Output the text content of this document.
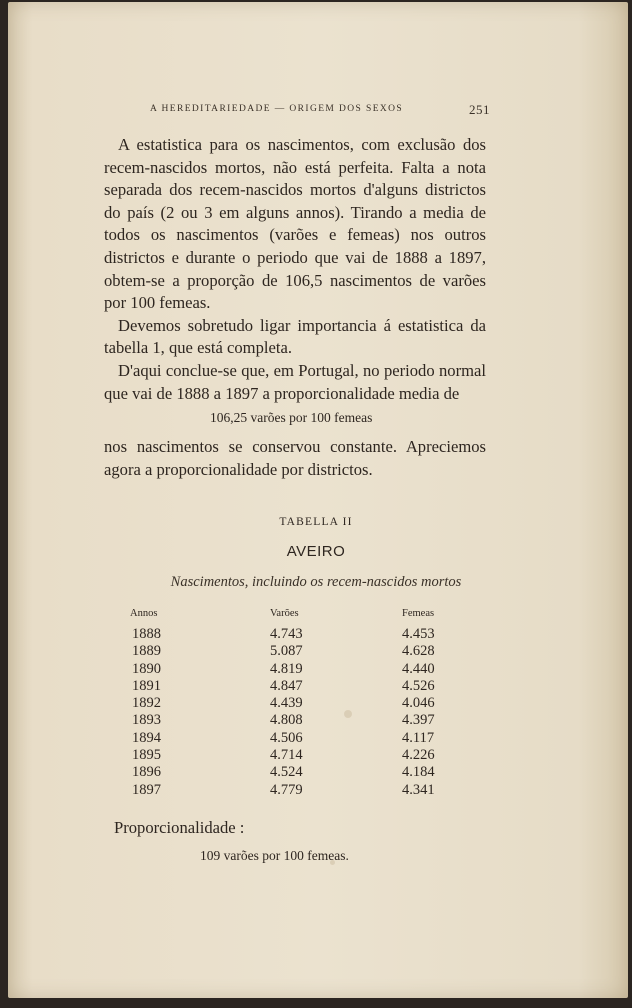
A HEREDITARIEDADE — ORIGEM DOS SEXOS	251

A estatistica para os nascimentos, com exclusão dos recem-nascidos mortos, não está perfeita. Falta a nota separada dos recem-nascidos mortos d'alguns districtos do país (2 ou 3 em alguns annos). Tirando a media de todos os nascimentos (varões e femeas) nos outros districtos e durante o periodo que vai de 1888 a 1897, obtem-se a proporção de 106,5 nascimentos de varões por 100 femeas.

Devemos sobretudo ligar importancia á estatistica da tabella 1, que está completa.

D'aqui conclue-se que, em Portugal, no periodo normal que vai de 1888 a 1897 a proporcionalidade media de

106,25 varões por 100 femeas

nos nascimentos se conservou constante. Apreciemos agora a proporcionalidade por districtos.

TABELLA II
AVEIRO
Nascimentos, incluindo os recem-nascidos mortos
Annos	Varões	Femeas
1888	4.743	4.453
1889	5.087	4.628
1890	4.819	4.440
1891	4.847	4.526
1892	4.439	4.046
1893	4.808	4.397
1894	4.506	4.117
1895	4.714	4.226
1896	4.524	4.184
1897	4.779	4.341
Proporcionalidade :
109 varões por 100 femeas.
